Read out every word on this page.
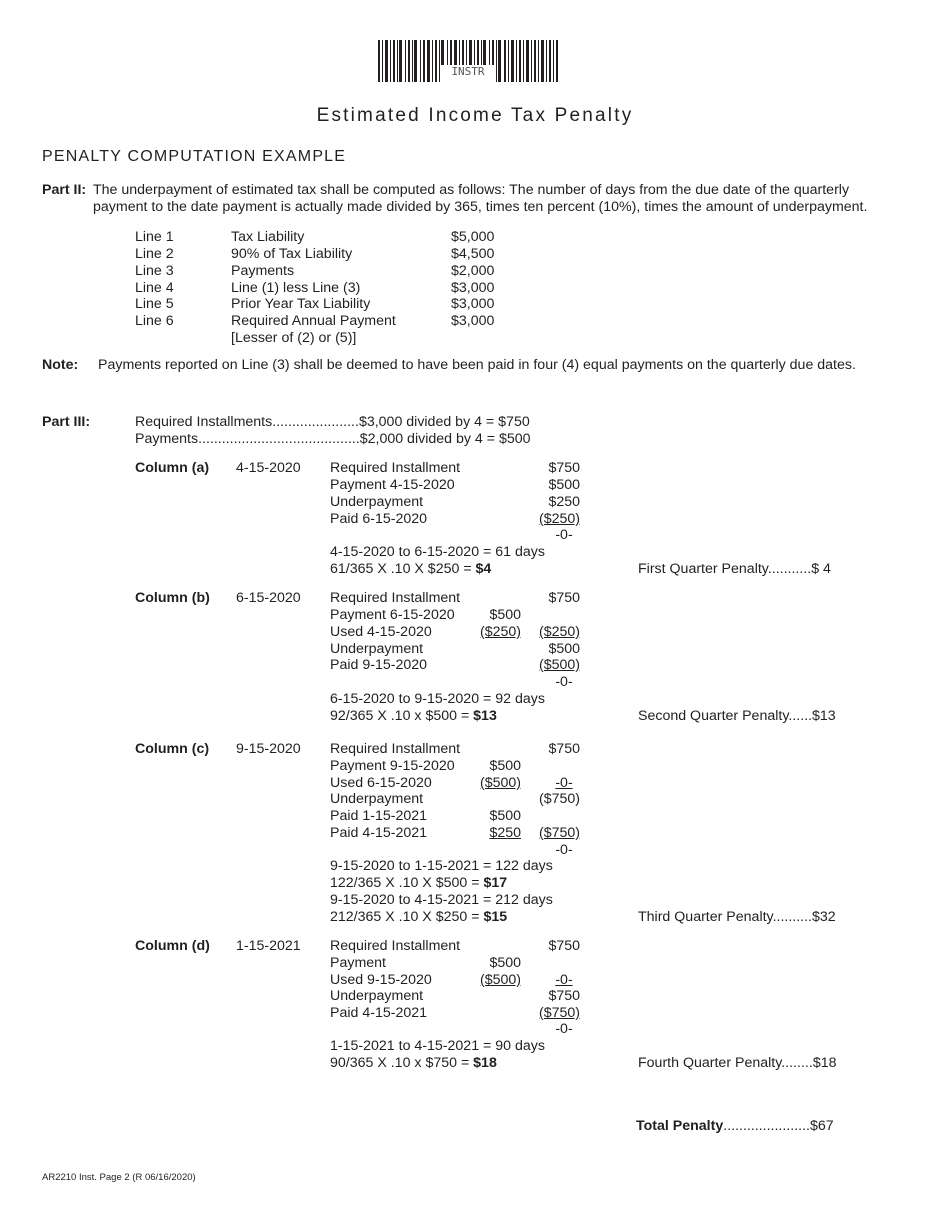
INSTR
Estimated Income Tax Penalty
PENALTY COMPUTATION EXAMPLE
Part II: The underpayment of estimated tax shall be computed as follows: The number of days from the due date of the quarterly payment to the date payment is actually made divided by 365, times ten percent (10%), times the amount of underpayment.
Line 1	Tax Liability	$5,000
Line 2	90% of Tax Liability	$4,500
Line 3	Payments	$2,000
Line 4	Line (1) less Line (3)	$3,000
Line 5	Prior Year Tax Liability	$3,000
Line 6	Required Annual Payment	$3,000
[Lesser of (2) or (5)]
Note: Payments reported on Line (3) shall be deemed to have been paid in four (4) equal payments on the quarterly due dates.
Part III:	Required Installments......................$3,000 divided by 4 = $750
Payments.........................................$2,000 divided by 4 = $500
Column (a) 4-15-2020 Required Installment	$750
Payment 4-15-2020	$500
Underpayment	$250
Paid 6-15-2020	($250)
-0-
4-15-2020 to 6-15-2020 = 61 days
61/365 X .10 X $250 = $4	First Quarter Penalty...........$ 4
Column (b) 6-15-2020 Required Installment	$750
Payment 6-15-2020	$500
Used 4-15-2020	($250)	($250)
Underpayment	$500
Paid 9-15-2020	($500)
-0-
6-15-2020 to 9-15-2020 = 92 days
92/365 X .10 x $500 = $13	Second Quarter Penalty......$13
Column (c) 9-15-2020 Required Installment	$750
Payment 9-15-2020	$500
Used 6-15-2020	($500)	-0-
Underpayment	($750)
Paid 1-15-2021	$500
Paid 4-15-2021	$250	($750)
-0-
9-15-2020 to 1-15-2021 = 122 days
122/365 X .10 X $500 = $17
9-15-2020 to 4-15-2021 = 212 days
212/365 X .10 X $250 = $15	Third Quarter Penalty..........$32
Column (d) 1-15-2021 Required Installment	$750
Payment	$500
Used 9-15-2020	($500)	-0-
Underpayment	$750
Paid 4-15-2021	($750)
-0-
1-15-2021 to 4-15-2021 = 90 days
90/365 X .10 x $750 = $18	Fourth Quarter Penalty........$18
Total Penalty......................$67
AR2210 Inst. Page 2 (R 06/16/2020)
